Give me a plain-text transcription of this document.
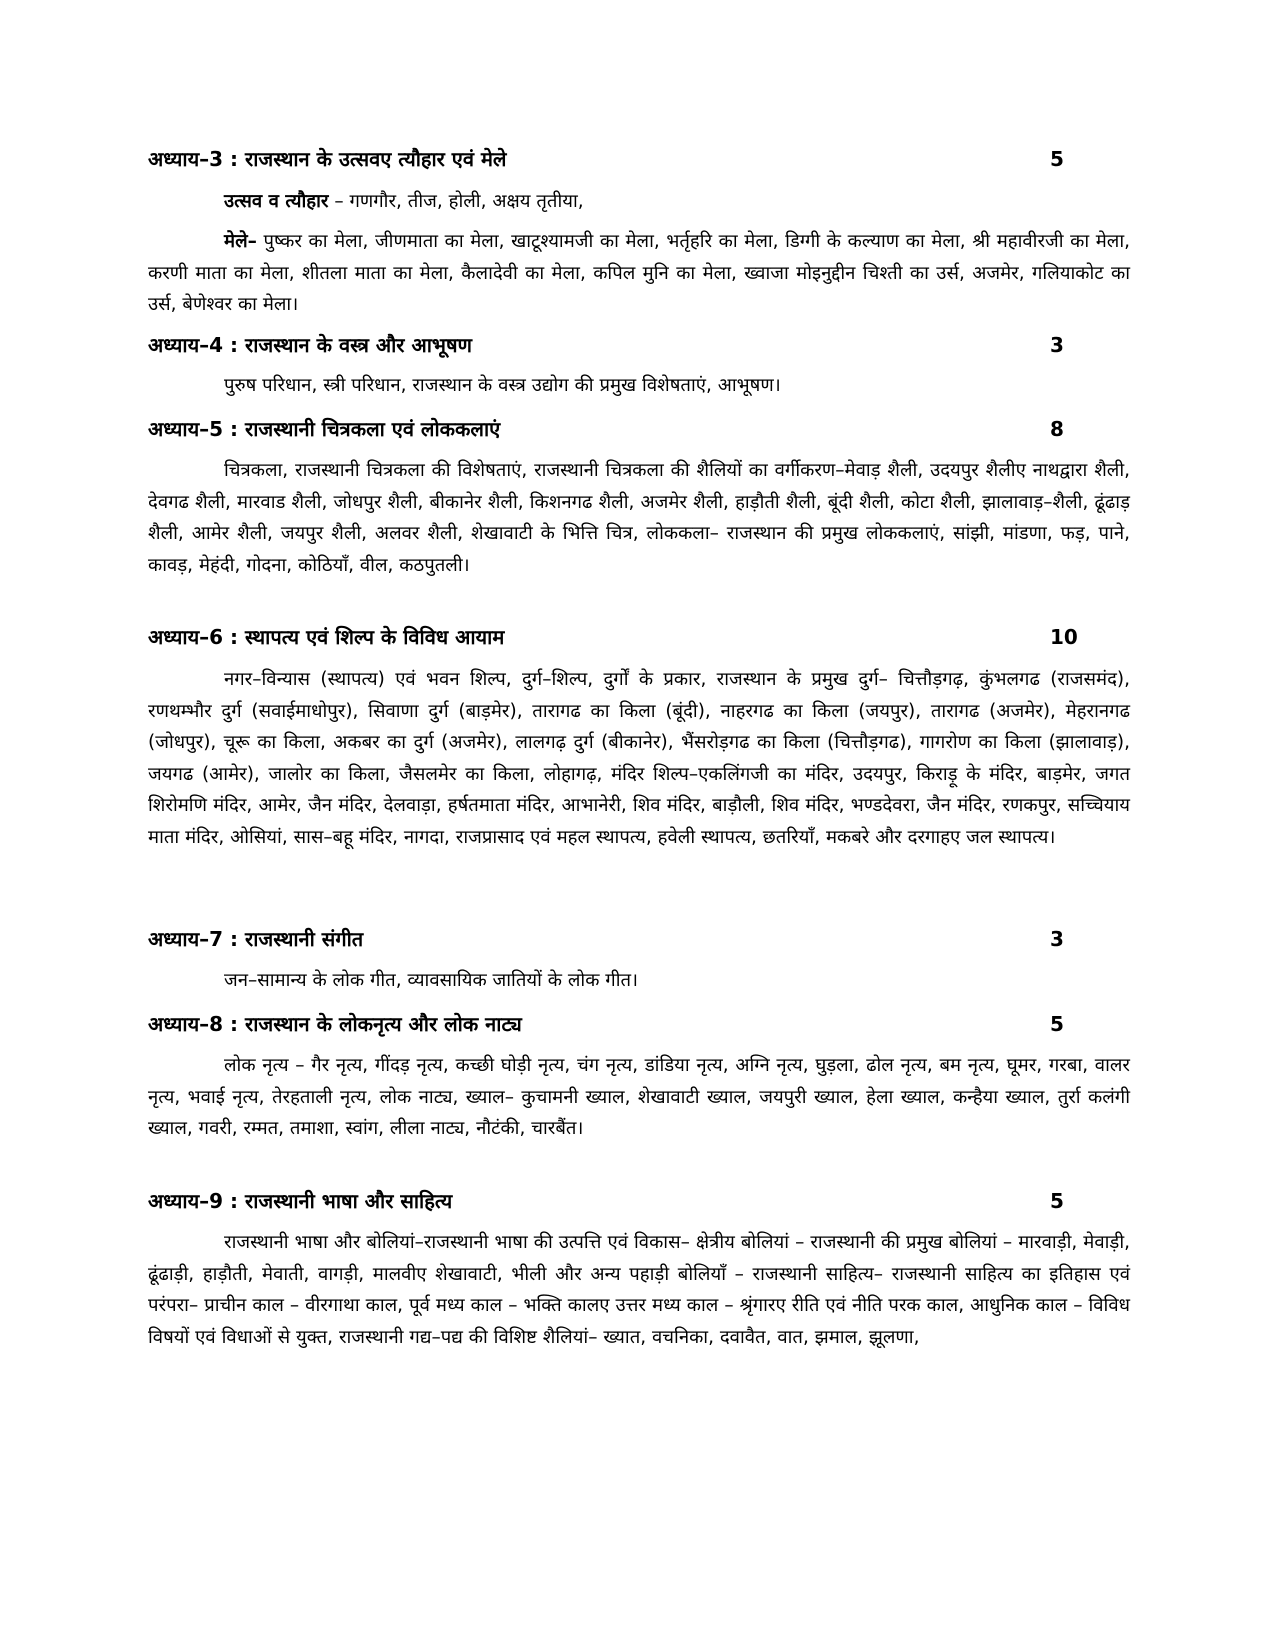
अध्याय–3 : राजस्थान के उत्सवए त्यौहार एवं मेले	5

उत्सव व त्यौहार – गणगौर, तीज, होली, अक्षय तृतीया,

मेले– पुष्कर का मेला, जीणमाता का मेला, खाटूश्यामजी का मेला, भर्तृहरि का मेला, डिग्गी के कल्याण का मेला, श्री महावीरजी का मेला, करणी माता का मेला, शीतला माता का मेला, कैलादेवी का मेला, कपिल मुनि का मेला, ख्वाजा मोइनुद्दीन चिश्ती का उर्स, अजमेर, गलियाकोट का उर्स, बेणेश्वर का मेला।

अध्याय–4 : राजस्थान के वस्त्र और आभूषण	3

पुरुष परिधान, स्त्री परिधान, राजस्थान के वस्त्र उद्योग की प्रमुख विशेषताएं, आभूषण।

अध्याय–5 : राजस्थानी चित्रकला एवं लोककलाएं	8

चित्रकला, राजस्थानी चित्रकला की विशेषताएं, राजस्थानी चित्रकला की शैलियों का वर्गीकरण–मेवाड़ शैली, उदयपुर शैलीए नाथद्वारा शैली, देवगढ शैली, मारवाड शैली, जोधपुर शैली, बीकानेर शैली, किशनगढ शैली, अजमेर शैली, हाड़ौती शैली, बूंदी शैली, कोटा शैली, झालावाड़–शैली, ढूंढाड़ शैली, आमेर शैली, जयपुर शैली, अलवर शैली, शेखावाटी के भित्ति चित्र, लोककला– राजस्थान की प्रमुख लोककलाएं, सांझी, मांडणा, फड़, पाने, कावड़, मेहंदी, गोदना, कोठियाँ, वील, कठपुतली।

अध्याय–6 : स्थापत्य एवं शिल्प के विविध आयाम	10

नगर–विन्यास (स्थापत्य) एवं भवन शिल्प, दुर्ग–शिल्प, दुर्गों के प्रकार, राजस्थान के प्रमुख दुर्ग– चित्तौड़गढ़, कुंभलगढ (राजसमंद), रणथम्भौर दुर्ग (सवाईमाधोपुर), सिवाणा दुर्ग (बाड़मेर), तारागढ का किला (बूंदी), नाहरगढ का किला (जयपुर), तारागढ (अजमेर), मेहरानगढ (जोधपुर), चूरू का किला, अकबर का दुर्ग (अजमेर), लालगढ़ दुर्ग (बीकानेर), भैंसरोड़गढ का किला (चित्तौड़गढ), गागरोण का किला (झालावाड़), जयगढ (आमेर), जालोर का किला, जैसलमेर का किला, लोहागढ़, मंदिर शिल्प–एकलिंगजी का मंदिर, उदयपुर, किराड़ू के मंदिर, बाड़मेर, जगत शिरोमणि मंदिर, आमेर, जैन मंदिर, देलवाड़ा, हर्षतमाता मंदिर, आभानेरी, शिव मंदिर, बाड़ौली, शिव मंदिर, भण्डदेवरा, जैन मंदिर, रणकपुर, सच्चियाय माता मंदिर, ओसियां, सास–बहू मंदिर, नागदा, राजप्रासाद एवं महल स्थापत्य, हवेली स्थापत्य, छतरियाँ, मकबरे और दरगाहए जल स्थापत्य।

अध्याय–7 : राजस्थानी संगीत	3

जन–सामान्य के लोक गीत, व्यावसायिक जातियों के लोक गीत।

अध्याय–8 : राजस्थान के लोकनृत्य और लोक नाट्य	5

लोक नृत्य – गैर नृत्य, गींदड़ नृत्य, कच्छी घोड़ी नृत्य, चंग नृत्य, डांडिया नृत्य, अग्नि नृत्य, घुड़ला, ढोल नृत्य, बम नृत्य, घूमर, गरबा, वालर नृत्य, भवाई नृत्य, तेरहताली नृत्य, लोक नाट्य, ख्याल– कुचामनी ख्याल, शेखावाटी ख्याल, जयपुरी ख्याल, हेला ख्याल, कन्हैया ख्याल, तुर्रा कलंगी ख्याल, गवरी, रम्मत, तमाशा, स्वांग, लीला नाट्य, नौटंकी, चारबैंत।

अध्याय–9 : राजस्थानी भाषा और साहित्य	5

राजस्थानी भाषा और बोलियां–राजस्थानी भाषा की उत्पत्ति एवं विकास– क्षेत्रीय बोलियां – राजस्थानी की प्रमुख बोलियां – मारवाड़ी, मेवाड़ी, ढूंढाड़ी, हाड़ौती, मेवाती, वागड़ी, मालवीए शेखावाटी, भीली और अन्य पहाड़ी बोलियाँ – राजस्थानी साहित्य– राजस्थानी साहित्य का इतिहास एवं परंपरा– प्राचीन काल – वीरगाथा काल, पूर्व मध्य काल – भक्ति कालए उत्तर मध्य काल – श्रृंगारए रीति एवं नीति परक काल, आधुनिक काल – विविध विषयों एवं विधाओं से युक्त, राजस्थानी गद्य–पद्य की विशिष्ट शैलियां– ख्यात, वचनिका, दवावैत, वात, झमाल, झूलणा,
